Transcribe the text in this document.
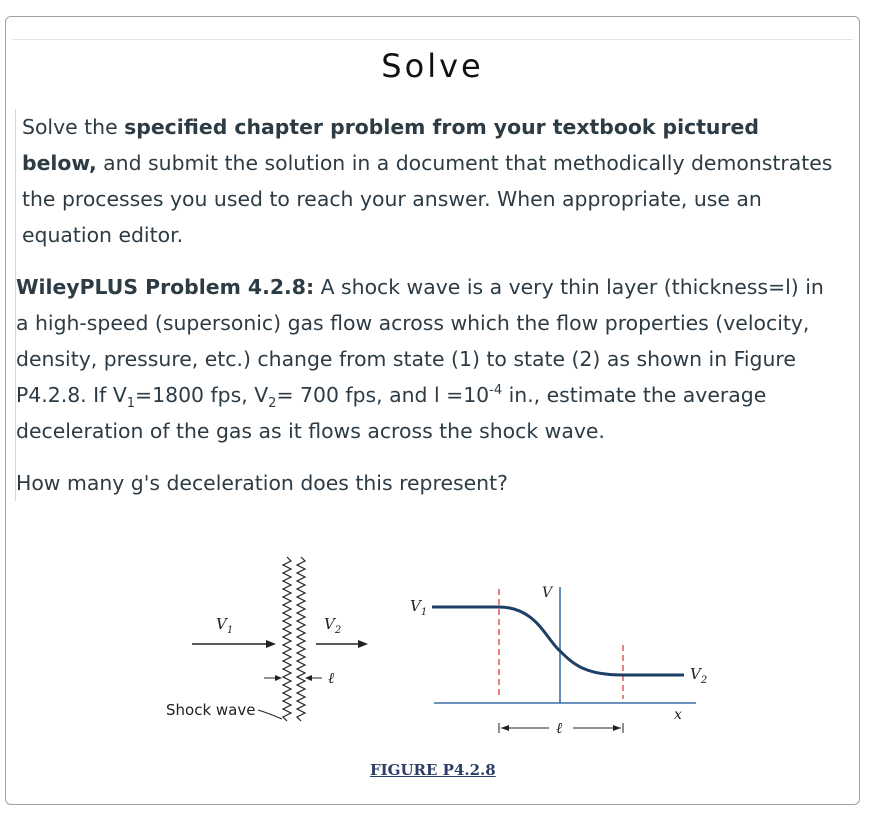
Solve

Solve the specified chapter problem from your textbook pictured below, and submit the solution in a document that methodically demonstrates the processes you used to reach your answer. When appropriate, use an equation editor.

WileyPLUS Problem 4.2.8: A shock wave is a very thin layer (thickness=l) in a high-speed (supersonic) gas flow across which the flow properties (velocity, density, pressure, etc.) change from state (1) to state (2) as shown in Figure P4.2.8. If $V_1=1800$ fps, $V_2= 700$ fps, and $l =10^{-4}$ in., estimate the average deceleration of the gas as it flows across the shock wave.

How many g's deceleration does this represent?

$V_1$	$V_2$
ℓ
Shock wave
$V_1$
$V_2$
V
x
ℓ
FIGURE P4.2.8
